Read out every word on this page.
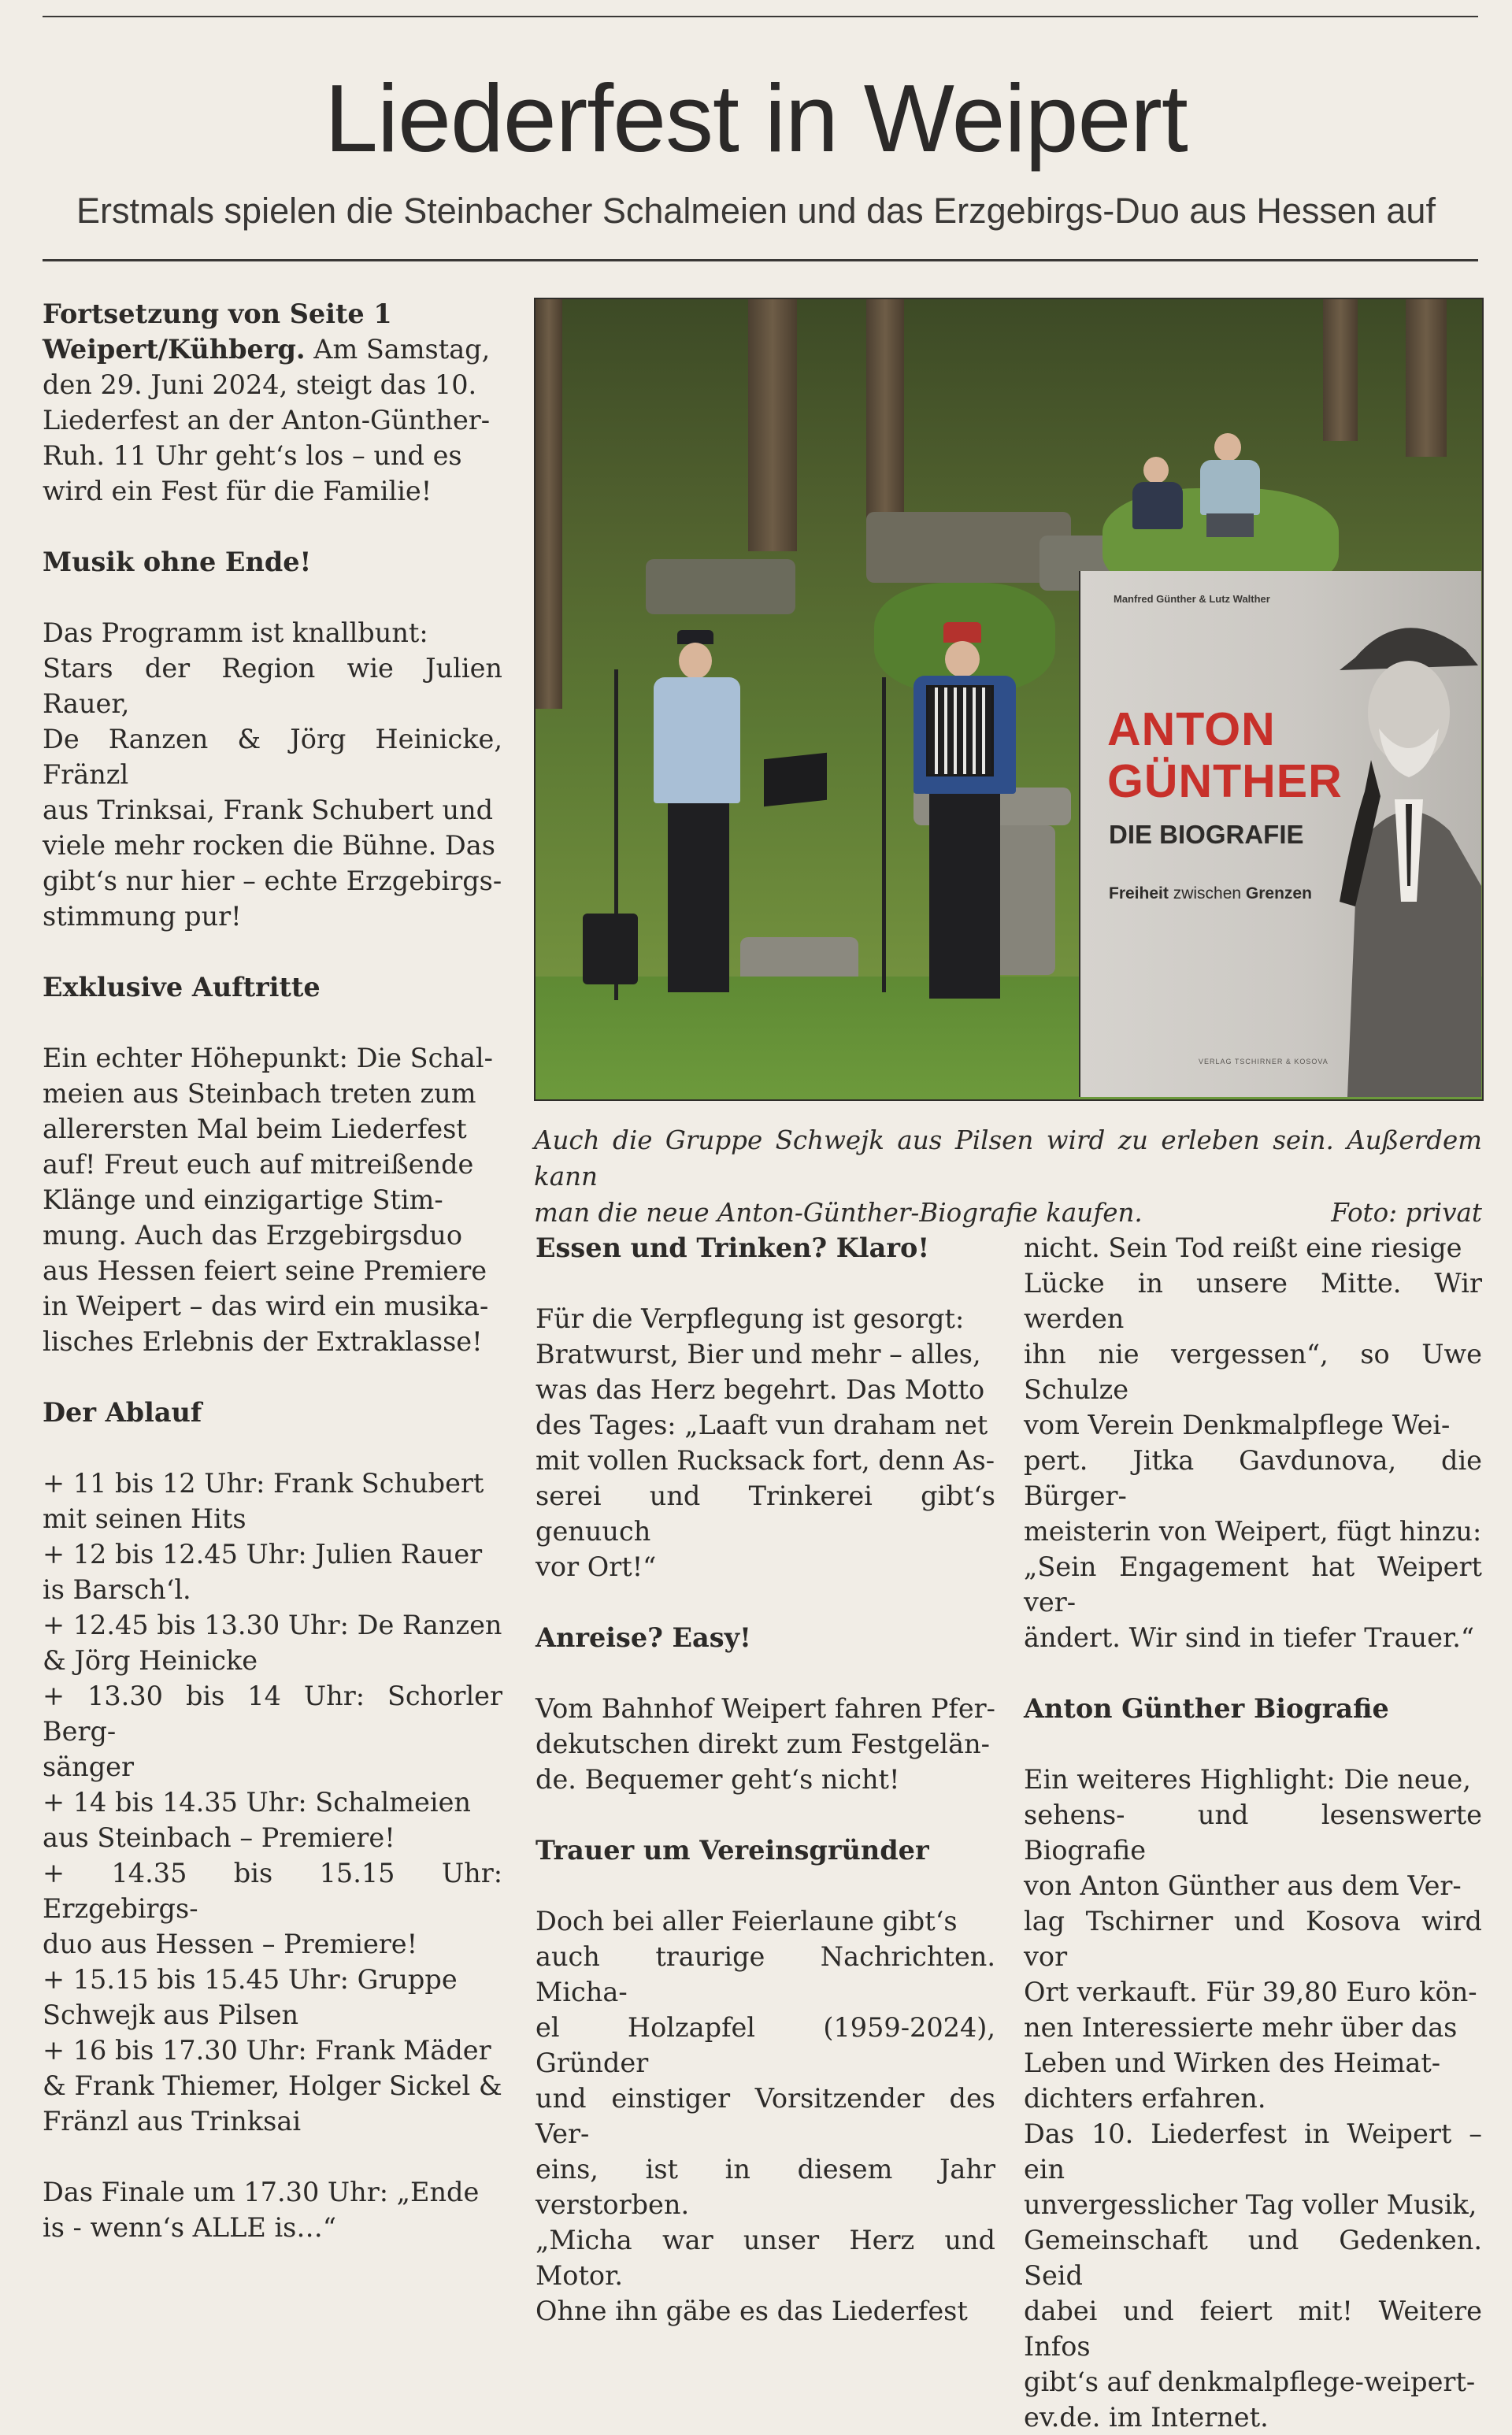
Liederfest in Weipert
Erstmals spielen die Steinbacher Schalmeien und das Erzgebirgs-Duo aus Hessen auf

Fortsetzung von Seite 1

Weipert/Kühberg. Am Samstag,

den 29. Juni 2024, steigt das 10.

Liederfest an der Anton-Günther-

Ruh. 11 Uhr geht‘s los – und es

wird ein Fest für die Familie!

Musik ohne Ende!

Das Programm ist knallbunt:

Stars der Region wie Julien Rauer,

De Ranzen & Jörg Heinicke, Fränzl

aus Trinksai, Frank Schubert und

viele mehr rocken die Bühne. Das

gibt‘s nur hier – echte Erzgebirgs-

stimmung pur!

Exklusive Auftritte

Ein echter Höhepunkt: Die Schal-

meien aus Steinbach treten zum

allerersten Mal beim Liederfest

auf! Freut euch auf mitreißende

Klänge und einzigartige Stim-

mung. Auch das Erzgebirgsduo

aus Hessen feiert seine Premiere

in Weipert – das wird ein musika-

lisches Erlebnis der Extraklasse!

Der Ablauf

+ 11 bis 12 Uhr: Frank Schubert

mit seinen Hits

+ 12 bis 12.45 Uhr: Julien Rauer

is Barsch‘l.

+ 12.45 bis 13.30 Uhr: De Ranzen

& Jörg Heinicke

+ 13.30 bis 14 Uhr: Schorler Berg-

sänger

+ 14 bis 14.35 Uhr: Schalmeien

aus Steinbach – Premiere!

+ 14.35 bis 15.15 Uhr: Erzgebirgs-

duo aus Hessen – Premiere!

+ 15.15 bis 15.45 Uhr: Gruppe

Schwejk aus Pilsen

+ 16 bis 17.30 Uhr: Frank Mäder

& Frank Thiemer, Holger Sickel &

Fränzl aus Trinksai

Das Finale um 17.30 Uhr: „Ende

is - wenn‘s ALLE is…“

Manfred Günther & Lutz Walther
ANTON
GÜNTHER
DIE BIOGRAFIE
Freiheit zwischen Grenzen
VERLAG TSCHIRNER & KOSOVA

Auch die Gruppe Schwejk aus Pilsen wird zu erleben sein. Außerdem kann

man die neue Anton-Günther-Biografie kaufen.	Foto: privat

Essen und Trinken? Klaro!

Für die Verpflegung ist gesorgt:

Bratwurst, Bier und mehr – alles,

was das Herz begehrt. Das Motto

des Tages: „Laaft vun draham net

mit vollen Rucksack fort, denn As-

serei und Trinkerei gibt‘s genuuch

vor Ort!“

Anreise? Easy!

Vom Bahnhof Weipert fahren Pfer-

dekutschen direkt zum Festgelän-

de. Bequemer geht‘s nicht!

Trauer um Vereinsgründer

Doch bei aller Feierlaune gibt‘s

auch traurige Nachrichten. Micha-

el Holzapfel (1959-2024), Gründer

und einstiger Vorsitzender des Ver-

eins, ist in diesem Jahr verstorben.

„Micha war unser Herz und Motor.

Ohne ihn gäbe es das Liederfest

nicht. Sein Tod reißt eine riesige

Lücke in unsere Mitte. Wir werden

ihn nie vergessen“, so Uwe Schulze

vom Verein Denkmalpflege Wei-

pert. Jitka Gavdunova, die Bürger-

meisterin von Weipert, fügt hinzu:

„Sein Engagement hat Weipert ver-

ändert. Wir sind in tiefer Trauer.“

Anton Günther Biografie

Ein weiteres Highlight: Die neue,

sehens- und lesenswerte Biografie

von Anton Günther aus dem Ver-

lag Tschirner und Kosova wird vor

Ort verkauft. Für 39,80 Euro kön-

nen Interessierte mehr über das

Leben und Wirken des Heimat-

dichters erfahren.

Das 10. Liederfest in Weipert – ein

unvergesslicher Tag voller Musik,

Gemeinschaft und Gedenken. Seid

dabei und feiert mit! Weitere Infos

gibt‘s auf denkmalpflege-weipert-

ev.de. im Internet.
